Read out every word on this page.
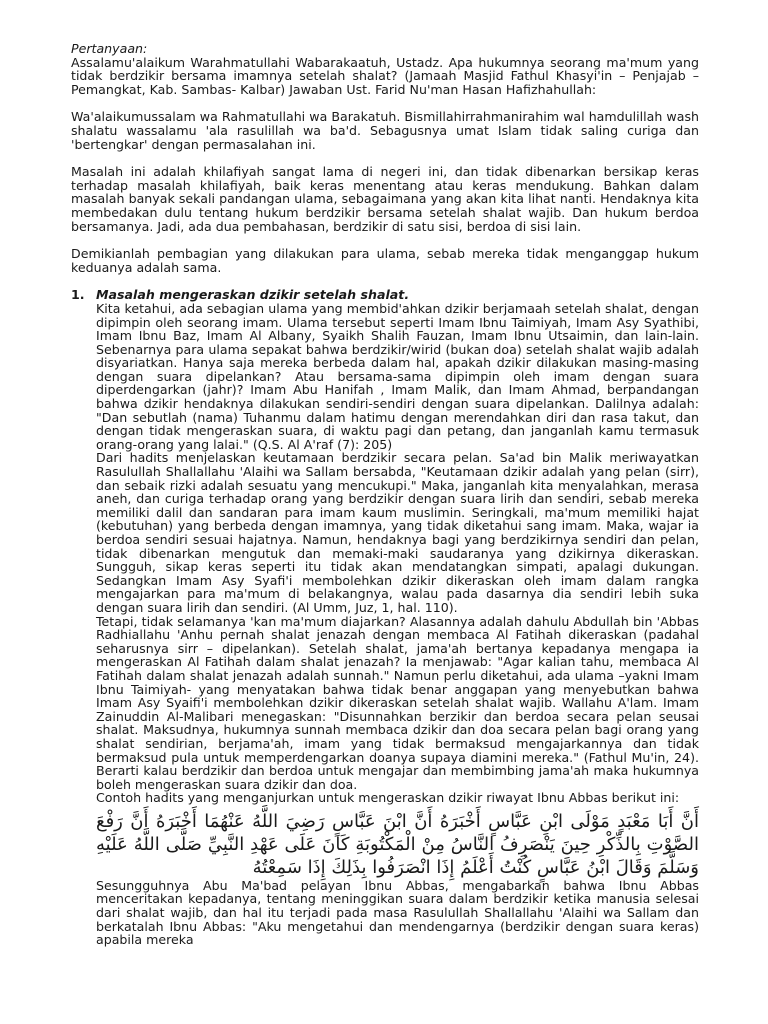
Pertanyaan:

Assalamu'alaikum Warahmatullahi Wabarakaatuh, Ustadz. Apa hukumnya seorang ma'mum yang tidak berdzikir bersama imamnya setelah shalat? (Jamaah Masjid Fathul Khasyi'in – Penjajab – Pemangkat, Kab. Sambas- Kalbar) Jawaban Ust. Farid Nu'man Hasan Hafizhahullah:

Wa'alaikumussalam wa Rahmatullahi wa Barakatuh. Bismillahirrahmanirahim wal hamdulillah wash shalatu wassalamu 'ala rasulillah wa ba'd. Sebagusnya umat Islam tidak saling curiga dan 'bertengkar' dengan permasalahan ini.

Masalah ini adalah khilafiyah sangat lama di negeri ini, dan tidak dibenarkan bersikap keras terhadap masalah khilafiyah, baik keras menentang atau keras mendukung. Bahkan dalam masalah banyak sekali pandangan ulama, sebagaimana yang akan kita lihat nanti. Hendaknya kita membedakan dulu tentang hukum berdzikir bersama setelah shalat wajib. Dan hukum berdoa bersamanya. Jadi, ada dua pembahasan, berdzikir di satu sisi, berdoa di sisi lain.

Demikianlah pembagian yang dilakukan para ulama, sebab mereka tidak menganggap hukum keduanya adalah sama.

1. Masalah mengeraskan dzikir setelah shalat.

Kita ketahui, ada sebagian ulama yang membid'ahkan dzikir berjamaah setelah shalat, dengan dipimpin oleh seorang imam. Ulama tersebut seperti Imam Ibnu Taimiyah, Imam Asy Syathibi, Imam Ibnu Baz, Imam Al Albany, Syaikh Shalih Fauzan, Imam Ibnu Utsaimin, dan lain-lain. Sebenarnya para ulama sepakat bahwa berdzikir/wirid (bukan doa) setelah shalat wajib adalah disyariatkan. Hanya saja mereka berbeda dalam hal, apakah dzikir dilakukan masing-masing dengan suara dipelankan? Atau bersama-sama dipimpin oleh imam dengan suara diperdengarkan (jahr)? Imam Abu Hanifah , Imam Malik, dan Imam Ahmad, berpandangan bahwa dzikir hendaknya dilakukan sendiri-sendiri dengan suara dipelankan. Dalilnya adalah: "Dan sebutlah (nama) Tuhanmu dalam hatimu dengan merendahkan diri dan rasa takut, dan dengan tidak mengeraskan suara, di waktu pagi dan petang, dan janganlah kamu termasuk orang-orang yang lalai." (Q.S. Al A'raf (7): 205)

Dari hadits menjelaskan keutamaan berdzikir secara pelan. Sa'ad bin Malik meriwayatkan Rasulullah Shallallahu 'Alaihi wa Sallam bersabda, "Keutamaan dzikir adalah yang pelan (sirr), dan sebaik rizki adalah sesuatu yang mencukupi." Maka, janganlah kita menyalahkan, merasa aneh, dan curiga terhadap orang yang berdzikir dengan suara lirih dan sendiri, sebab mereka memiliki dalil dan sandaran para imam kaum muslimin. Seringkali, ma'mum memiliki hajat (kebutuhan) yang berbeda dengan imamnya, yang tidak diketahui sang imam. Maka, wajar ia berdoa sendiri sesuai hajatnya. Namun, hendaknya bagi yang berdzikirnya sendiri dan pelan, tidak dibenarkan mengutuk dan memaki-maki saudaranya yang dzikirnya dikeraskan. Sungguh, sikap keras seperti itu tidak akan mendatangkan simpati, apalagi dukungan. Sedangkan Imam Asy Syafi'i membolehkan dzikir dikeraskan oleh imam dalam rangka mengajarkan para ma'mum di belakangnya, walau pada dasarnya dia sendiri lebih suka dengan suara lirih dan sendiri. (Al Umm, Juz, 1, hal. 110).

Tetapi, tidak selamanya 'kan ma'mum diajarkan? Alasannya adalah dahulu Abdullah bin 'Abbas Radhiallahu 'Anhu pernah shalat jenazah dengan membaca Al Fatihah dikeraskan (padahal seharusnya sirr – dipelankan). Setelah shalat, jama'ah bertanya kepadanya mengapa ia mengeraskan Al Fatihah dalam shalat jenazah? Ia menjawab: "Agar kalian tahu, membaca Al Fatihah dalam shalat jenazah adalah sunnah." Namun perlu diketahui, ada ulama –yakni Imam Ibnu Taimiyah- yang menyatakan bahwa tidak benar anggapan yang menyebutkan bahwa Imam Asy Syaifi'i membolehkan dzikir dikeraskan setelah shalat wajib. Wallahu A'lam. Imam Zainuddin Al-Malibari menegaskan: "Disunnahkan berzikir dan berdoa secara pelan seusai shalat. Maksudnya, hukumnya sunnah membaca dzikir dan doa secara pelan bagi orang yang shalat sendirian, berjama'ah, imam yang tidak bermaksud mengajarkannya dan tidak bermaksud pula untuk memperdengarkan doanya supaya diamini mereka." (Fathul Mu'in, 24). Berarti kalau berdzikir dan berdoa untuk mengajar dan membimbing jama'ah maka hukumnya boleh mengeraskan suara dzikir dan doa.

Contoh hadits yang menganjurkan untuk mengeraskan dzikir riwayat Ibnu Abbas berikut ini:

أَنَّ أَبَا مَعْبَدٍ مَوْلَى ابْنِ عَبَّاسٍ أَخْبَرَهُ أَنَّ ابْنَ عَبَّاسٍ رَضِيَ اللَّهُ عَنْهُمَا أَخْبَرَهُ أَنَّ رَفْعَ الصَّوْتِ بِالذِّكْرِ حِينَ يَنْصَرِفُ النَّاسُ مِنْ الْمَكْتُوبَةِ كَانَ عَلَى عَهْدِ النَّبِيِّ صَلَّى اللَّهُ عَلَيْهِ وَسَلَّمَ وَقَالَ ابْنُ عَبَّاسٍ كُنْتُ أَعْلَمُ إِذَا انْصَرَفُوا بِذَلِكَ إِذَا سَمِعْتُهُ

Sesungguhnya Abu Ma'bad pelayan Ibnu Abbas, mengabarkan bahwa Ibnu Abbas menceritakan kepadanya, tentang meninggikan suara dalam berdzikir ketika manusia selesai dari shalat wajib, dan hal itu terjadi pada masa Rasulullah Shallallahu 'Alaihi wa Sallam dan berkatalah Ibnu Abbas: "Aku mengetahui dan mendengarnya (berdzikir dengan suara keras) apabila mereka
